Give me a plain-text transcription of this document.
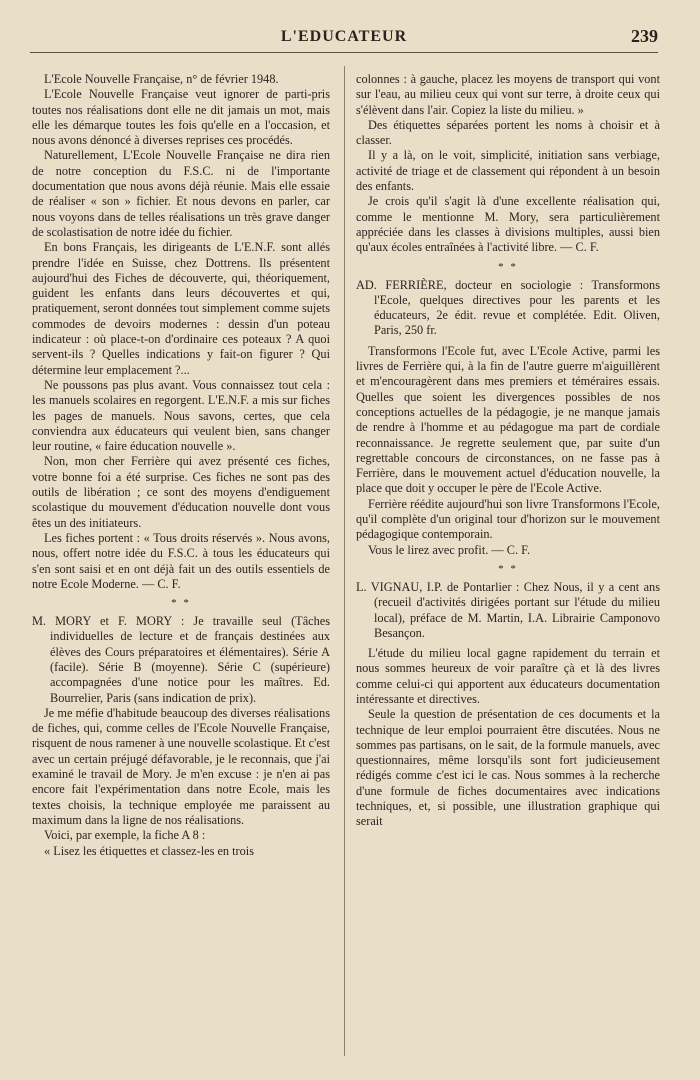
L'EDUCATEUR	239

L'Ecole Nouvelle Française, n° de février 1948.

L'Ecole Nouvelle Française veut ignorer de parti-pris toutes nos réalisations dont elle ne dit jamais un mot, mais elle les démarque toutes les fois qu'elle en a l'occasion, et nous avons dénoncé à diverses reprises ces procédés.

Naturellement, L'Ecole Nouvelle Française ne dira rien de notre conception du F.S.C. ni de l'importante documentation que nous avons déjà réunie. Mais elle essaie de réaliser « son » fichier. Et nous devons en parler, car nous voyons dans de telles réalisations un très grave danger de scolastisation de notre idée du fichier.

En bons Français, les dirigeants de L'E.N.F. sont allés prendre l'idée en Suisse, chez Dottrens. Ils présentent aujourd'hui des Fiches de découverte, qui, théoriquement, guident les enfants dans leurs découvertes et qui, pratiquement, seront données tout simplement comme sujets commodes de devoirs modernes : dessin d'un poteau indicateur : où place-t-on d'ordinaire ces poteaux ? A quoi servent-ils ? Quelles indications y fait-on figurer ? Qui détermine leur emplacement ?...

Ne poussons pas plus avant. Vous connaissez tout cela : les manuels scolaires en regorgent. L'E.N.F. a mis sur fiches les pages de manuels. Nous savons, certes, que cela conviendra aux éducateurs qui veulent bien, sans changer leur routine, « faire éducation nouvelle ».

Non, mon cher Ferrière qui avez présenté ces fiches, votre bonne foi a été surprise. Ces fiches ne sont pas des outils de libération ; ce sont des moyens d'endiguement scolastique du mouvement d'éducation nouvelle dont vous êtes un des initiateurs.

Les fiches portent : « Tous droits réservés ». Nous avons, nous, offert notre idée du F.S.C. à tous les éducateurs qui s'en sont saisi et en ont déjà fait un des outils essentiels de notre Ecole Moderne. — C. F.

* *

M. MORY et F. MORY : Je travaille seul (Tâches individuelles de lecture et de français destinées aux élèves des Cours préparatoires et élémentaires). Série A (facile). Série B (moyenne). Série C (supérieure) accompagnées d'une notice pour les maîtres. Ed. Bourrelier, Paris (sans indication de prix).

Je me méfie d'habitude beaucoup des diverses réalisations de fiches, qui, comme celles de l'Ecole Nouvelle Française, risquent de nous ramener à une nouvelle scolastique. Et c'est avec un certain préjugé défavorable, je le reconnais, que j'ai examiné le travail de Mory. Je m'en excuse : je n'en ai pas encore fait l'expérimentation dans notre Ecole, mais les textes choisis, la technique employée me paraissent au maximum dans la ligne de nos réalisations.

Voici, par exemple, la fiche A 8 :

« Lisez les étiquettes et classez-les en trois

colonnes : à gauche, placez les moyens de transport qui vont sur l'eau, au milieu ceux qui vont sur terre, à droite ceux qui s'élèvent dans l'air. Copiez la liste du milieu. »

Des étiquettes séparées portent les noms à choisir et à classer.

Il y a là, on le voit, simplicité, initiation sans verbiage, activité de triage et de classement qui répondent à un besoin des enfants.

Je crois qu'il s'agit là d'une excellente réalisation qui, comme le mentionne M. Mory, sera particulièrement appréciée dans les classes à divisions multiples, aussi bien qu'aux écoles entraînées à l'activité libre. — C. F.

* *

AD. FERRIÈRE, docteur en sociologie : Transformons l'Ecole, quelques directives pour les parents et les éducateurs, 2e édit. revue et complétée. Edit. Oliven, Paris, 250 fr.

Transformons l'Ecole fut, avec L'Ecole Active, parmi les livres de Ferrière qui, à la fin de l'autre guerre m'aiguillèrent et m'encouragèrent dans mes premiers et téméraires essais. Quelles que soient les divergences possibles de nos conceptions actuelles de la pédagogie, je ne manque jamais de rendre à l'homme et au pédagogue ma part de cordiale reconnaissance. Je regrette seulement que, par suite d'un regrettable concours de circonstances, on ne fasse pas à Ferrière, dans le mouvement actuel d'éducation nouvelle, la place que doit y occuper le père de l'Ecole Active.

Ferrière réédite aujourd'hui son livre Transformons l'Ecole, qu'il complète d'un original tour d'horizon sur le mouvement pédagogique contemporain.

Vous le lirez avec profit. — C. F.

* *

L. VIGNAU, I.P. de Pontarlier : Chez Nous, il y a cent ans (recueil d'activités dirigées portant sur l'étude du milieu local), préface de M. Martin, I.A. Librairie Camponovo Besançon.

L'étude du milieu local gagne rapidement du terrain et nous sommes heureux de voir paraître çà et là des livres comme celui-ci qui apportent aux éducateurs documentation intéressante et directives.

Seule la question de présentation de ces documents et la technique de leur emploi pourraient être discutées. Nous ne sommes pas partisans, on le sait, de la formule manuels, avec questionnaires, même lorsqu'ils sont fort judicieusement rédigés comme c'est ici le cas. Nous sommes à la recherche d'une formule de fiches documentaires avec indications techniques, et, si possible, une illustration graphique qui serait
